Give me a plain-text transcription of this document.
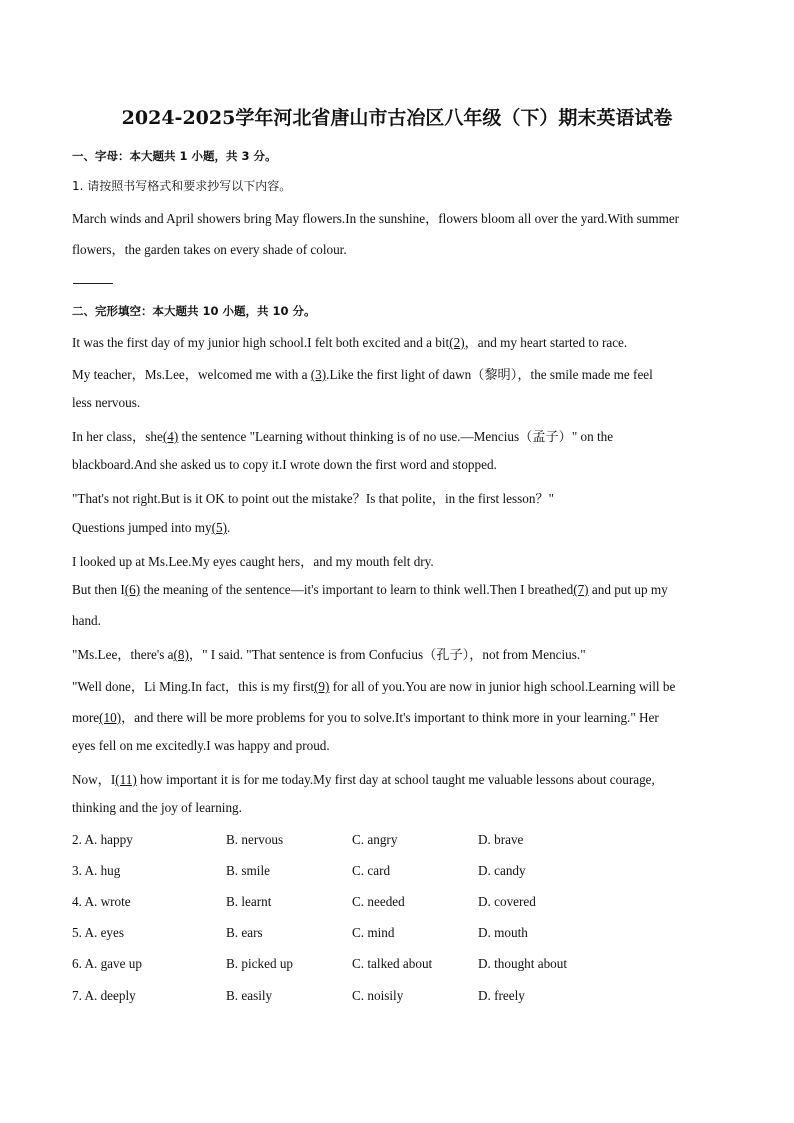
2024-2025学年河北省唐山市古冶区八年级（下）期末英语试卷
一、字母：本大题共 1 小题，共 3 分。
1. 请按照书写格式和要求抄写以下内容。
March winds and April showers bring May flowers.In the sunshine，flowers bloom all over the yard.With summer
flowers，the garden takes on every shade of colour.
二、完形填空：本大题共 10 小题，共 10 分。
It was the first day of my junior high school.I felt both excited and a bit(2)，and my heart started to race.
My teacher，Ms.Lee，welcomed me with a (3).Like the first light of dawn（黎明），the smile made me feel
less nervous.
In her class，she(4) the sentence "Learning without thinking is of no use.—Mencius（孟子）" on the
blackboard.And she asked us to copy it.I wrote down the first word and stopped.
"That's not right.But is it OK to point out the mistake？Is that polite，in the first lesson？"
Questions jumped into my(5).
I looked up at Ms.Lee.My eyes caught hers，and my mouth felt dry.
But then I(6) the meaning of the sentence—it's important to learn to think well.Then I breathed(7) and put up my
hand.
"Ms.Lee，there's a(8)，" I said. "That sentence is from Confucius（孔子），not from Mencius."
"Well done，Li Ming.In fact，this is my first(9) for all of you.You are now in junior high school.Learning will be
more(10)，and there will be more problems for you to solve.It's important to think more in your learning." Her
eyes fell on me excitedly.I was happy and proud.
Now，I(11) how important it is for me today.My first day at school taught me valuable lessons about courage,
thinking and the joy of learning.
2. A. happy	B. nervous	C. angry	D. brave
3. A. hug	B. smile	C. card	D. candy
4. A. wrote	B. learnt	C. needed	D. covered
5. A. eyes	B. ears	C. mind	D. mouth
6. A. gave up	B. picked up	C. talked about	D. thought about
7. A. deeply	B. easily	C. noisily	D. freely
